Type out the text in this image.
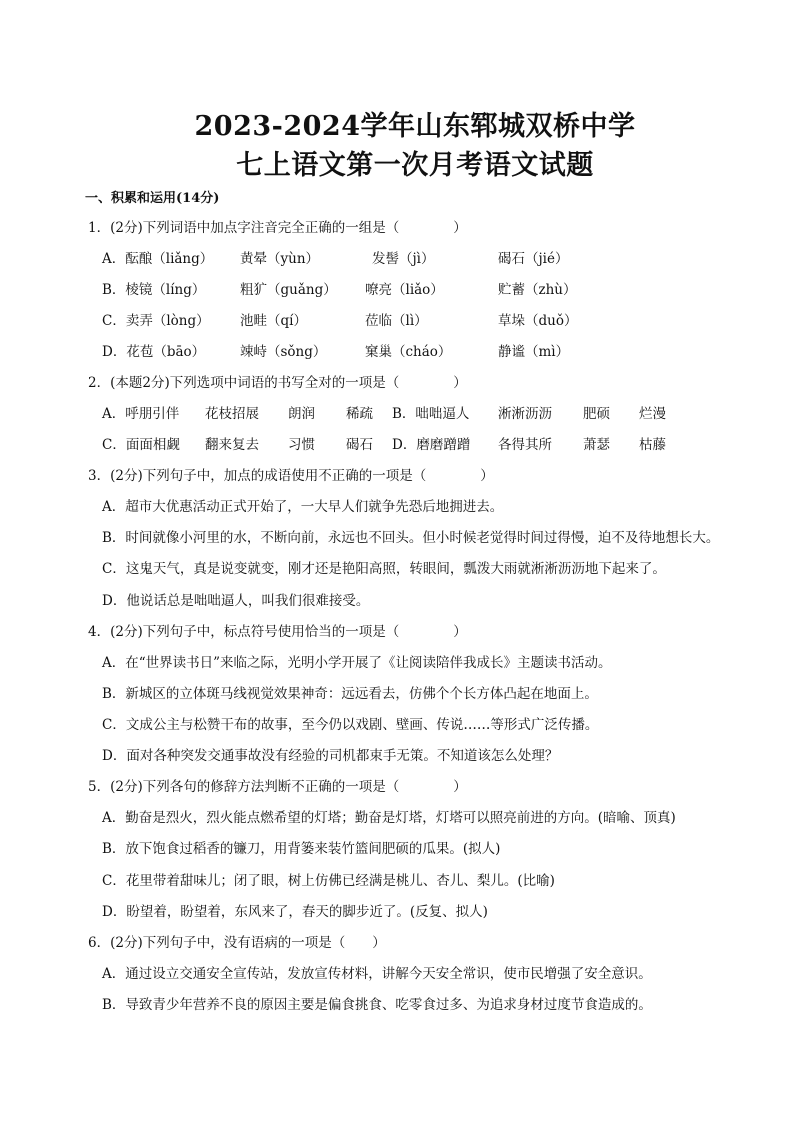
2023-2024学年山东郓城双桥中学
七上语文第一次月考语文试题
一、积累和运用(14分)
1．(2分)下列词语中加点字注音完全正确的一组是（　　　　）
A．酝酿（liǎng） 黄晕（yùn）	发髻（jì）	碣石（jié）
B．棱镜（líng）	粗犷（guǎng） 嘹亮（liǎo）	贮蓄（zhù）
C．卖弄（lòng） 池畦（qí）	莅临（lì）	草垛（duǒ）
D．花苞（bāo）	竦峙（sǒng）	窠巢（cháo）	静谧（mì）
2．(本题2分)下列选项中词语的书写全对的一项是（　　　　）
A．呼朋引伴 花枝招展 朗润 稀疏 B．咄咄逼人 淅淅沥沥 肥硕 烂漫
C．面面相觑 翻来复去 习惯 碣石 D．磨磨蹭蹭 各得其所 萧瑟 枯藤
3．(2分)下列句子中，加点的成语使用不正确的一项是（　　　　）
A．超市大优惠活动正式开始了，一大早人们就争先恐后地拥进去。
B．时间就像小河里的水，不断向前，永远也不回头。但小时候老觉得时间过得慢，迫不及待地想长大。
C．这鬼天气，真是说变就变，刚才还是艳阳高照，转眼间，瓢泼大雨就淅淅沥沥地下起来了。
D．他说话总是咄咄逼人，叫我们很难接受。
4．(2分)下列句子中，标点符号使用恰当的一项是（　　　　）
A．在“世界读书日”来临之际，光明小学开展了《让阅读陪伴我成长》主题读书活动。
B．新城区的立体斑马线视觉效果神奇：远远看去，仿佛个个长方体凸起在地面上。
C．文成公主与松赞干布的故事，至今仍以戏剧、壁画、传说……等形式广泛传播。
D．面对各种突发交通事故没有经验的司机都束手无策。不知道该怎么处理？
5．(2分)下列各句的修辞方法判断不正确的一项是（　　　　）
A．勤奋是烈火，烈火能点燃希望的灯塔；勤奋是灯塔，灯塔可以照亮前进的方向。(暗喻、顶真)
B．放下饱食过稻香的镰刀，用背篓来装竹篮间肥硕的瓜果。(拟人)
C．花里带着甜味儿；闭了眼，树上仿佛已经满是桃儿、杏儿、梨儿。(比喻)
D．盼望着，盼望着，东风来了，春天的脚步近了。(反复、拟人)
6．(2分)下列句子中，没有语病的一项是（　　）
A．通过设立交通安全宣传站，发放宣传材料，讲解今天安全常识，使市民增强了安全意识。
B．导致青少年营养不良的原因主要是偏食挑食、吃零食过多、为追求身材过度节食造成的。
